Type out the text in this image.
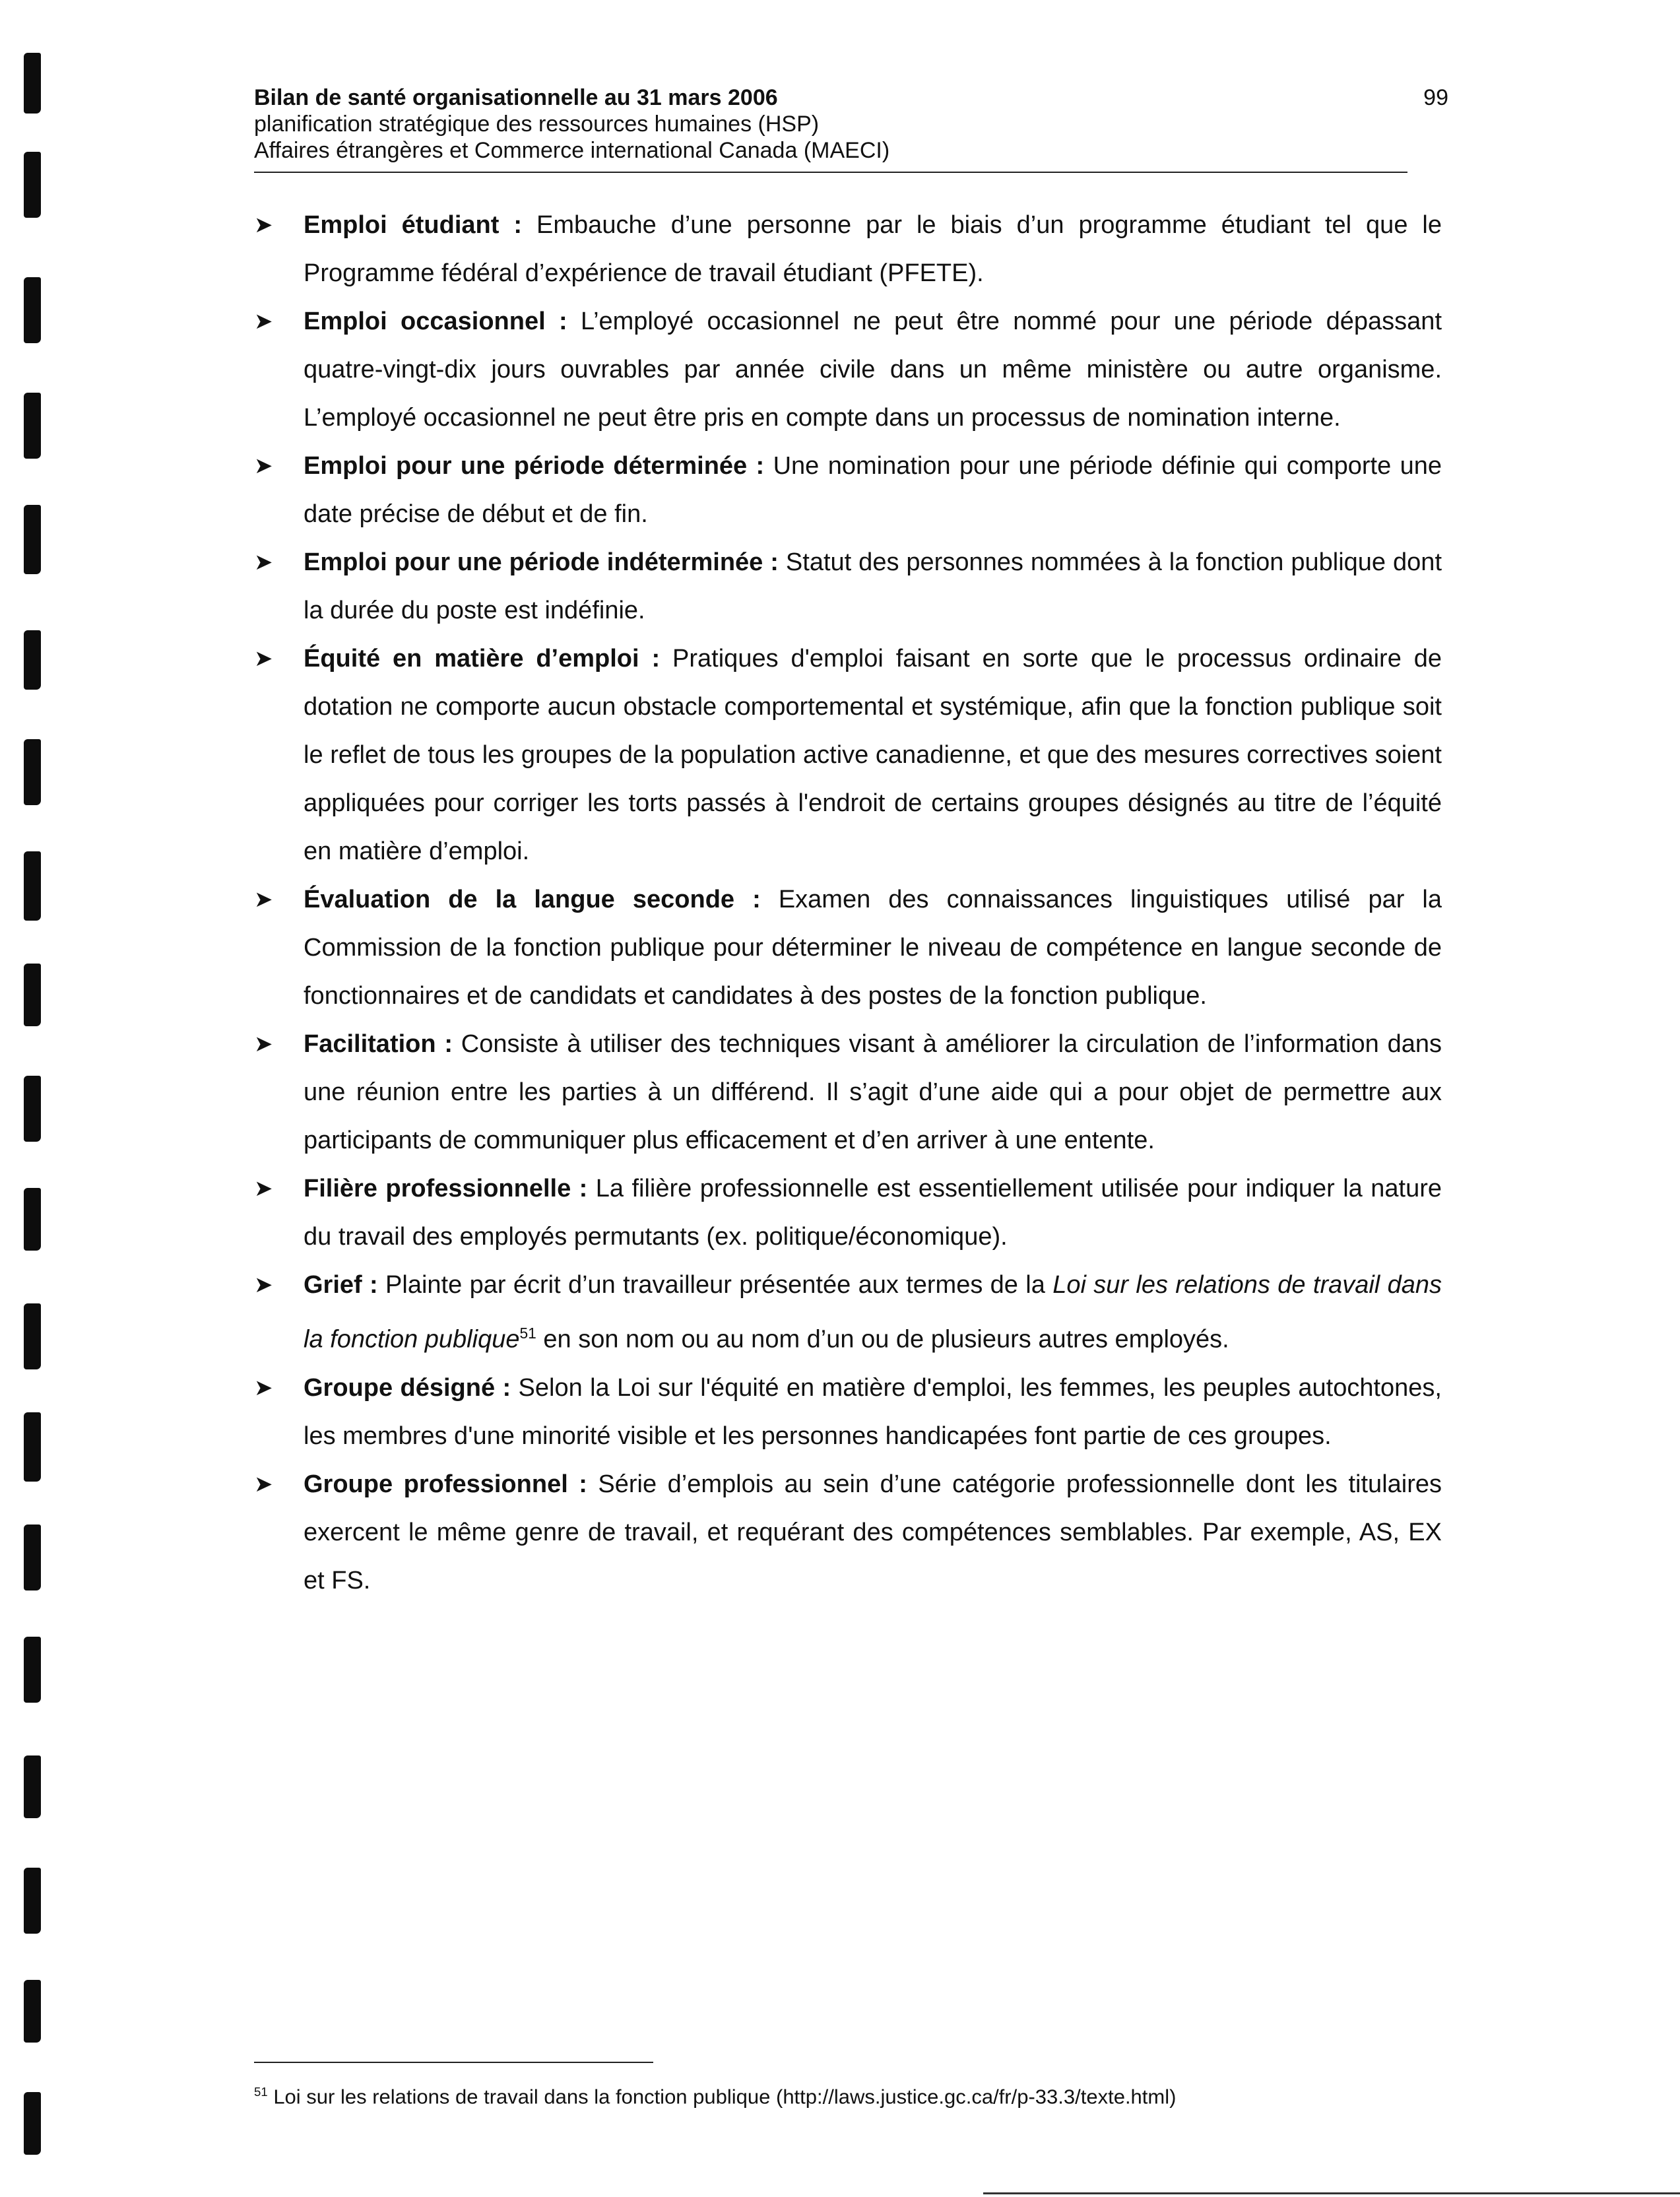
Bilan de santé organisationnelle au 31 mars 2006
planification stratégique des ressources humaines (HSP)
Affaires étrangères et Commerce international Canada (MAECI)
99
➤ Emploi étudiant : Embauche d’une personne par le biais d’un programme étudiant tel que le Programme fédéral d’expérience de travail étudiant (PFETE).
➤ Emploi occasionnel : L’employé occasionnel ne peut être nommé pour une période dépassant quatre-vingt-dix jours ouvrables par année civile dans un même ministère ou autre organisme. L’employé occasionnel ne peut être pris en compte dans un processus de nomination interne.
➤ Emploi pour une période déterminée : Une nomination pour une période définie qui comporte une date précise de début et de fin.
➤ Emploi pour une période indéterminée : Statut des personnes nommées à la fonction publique dont la durée du poste est indéfinie.
➤ Équité en matière d’emploi : Pratiques d'emploi faisant en sorte que le processus ordinaire de dotation ne comporte aucun obstacle comportemental et systémique, afin que la fonction publique soit le reflet de tous les groupes de la population active canadienne, et que des mesures correctives soient appliquées pour corriger les torts passés à l'endroit de certains groupes désignés au titre de l’équité en matière d’emploi.
➤ Évaluation de la langue seconde : Examen des connaissances linguistiques utilisé par la Commission de la fonction publique pour déterminer le niveau de compétence en langue seconde de fonctionnaires et de candidats et candidates à des postes de la fonction publique.
➤ Facilitation : Consiste à utiliser des techniques visant à améliorer la circulation de l’information dans une réunion entre les parties à un différend. Il s’agit d’une aide qui a pour objet de permettre aux participants de communiquer plus efficacement et d’en arriver à une entente.
➤ Filière professionnelle : La filière professionnelle est essentiellement utilisée pour indiquer la nature du travail des employés permutants (ex. politique/économique).
➤ Grief : Plainte par écrit d’un travailleur présentée aux termes de la Loi sur les relations de travail dans la fonction publique$^{51}$ en son nom ou au nom d’un ou de plusieurs autres employés.
➤ Groupe désigné : Selon la Loi sur l'équité en matière d'emploi, les femmes, les peuples autochtones, les membres d'une minorité visible et les personnes handicapées font partie de ces groupes.
➤ Groupe professionnel : Série d’emplois au sein d’une catégorie professionnelle dont les titulaires exercent le même genre de travail, et requérant des compétences semblables. Par exemple, AS, EX et FS.
$^{51}$ Loi sur les relations de travail dans la fonction publique (http://laws.justice.gc.ca/fr/p-33.3/texte.html)
